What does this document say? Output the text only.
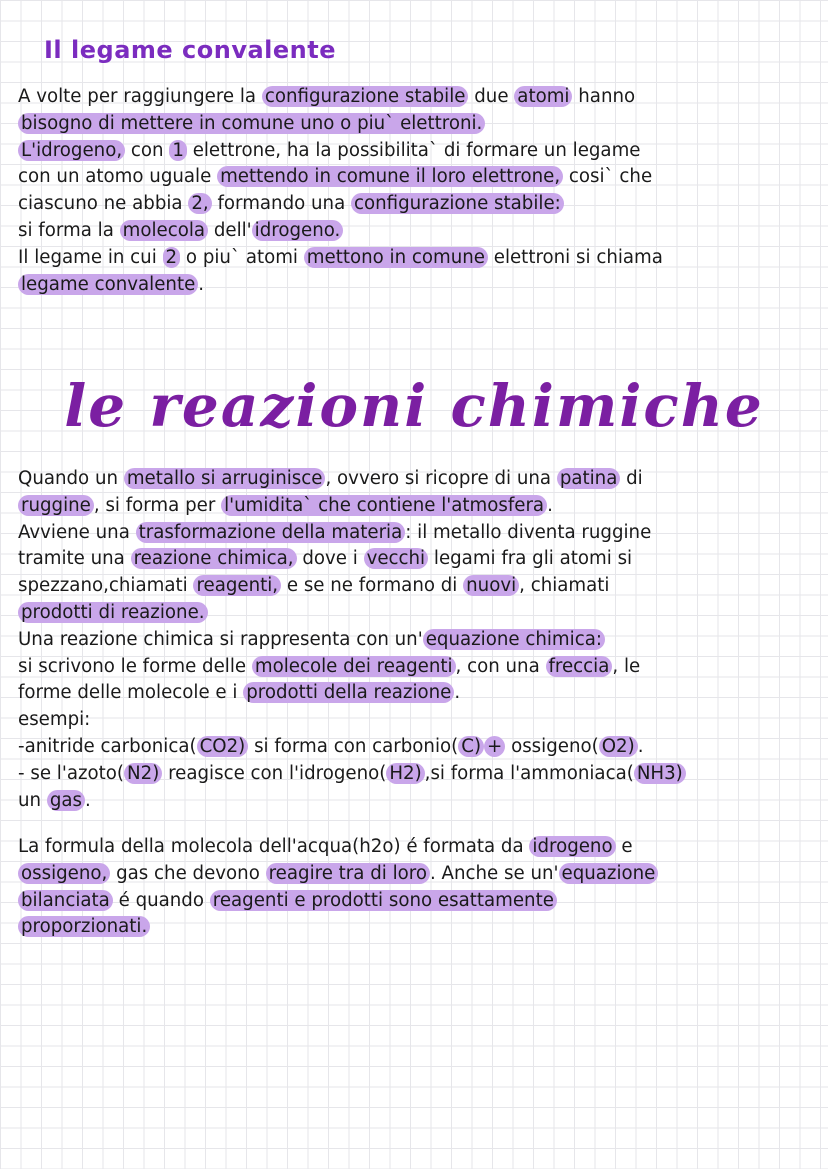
Il legame convalente
A volte per raggiungere la configurazione stabile due atomi hanno
bisogno di mettere in comune uno o piu` elettroni.
L'idrogeno, con 1 elettrone, ha la possibilita` di formare un legame
con un atomo uguale mettendo in comune il loro elettrone, cosi` che
ciascuno ne abbia 2, formando una configurazione stabile:
si forma la molecola dell' idrogeno.
Il legame in cui 2 o piu` atomi mettono in comune elettroni si chiama
legame convalente .
le reazioni chimiche
Quando un metallo si arruginisce , ovvero si ricopre di una patina di
ruggine , si forma per l'umidita` che contiene l'atmosfera .
Avviene una trasformazione della materia : il metallo diventa ruggine
tramite una reazione chimica, dove i vecchi legami fra gli atomi si
spezzano,chiamati reagenti, e se ne formano di nuovi , chiamati
prodotti di reazione.
Una reazione chimica si rappresenta con un' equazione chimica:
si scrivono le forme delle molecole dei reagenti , con una freccia , le
forme delle molecole e i prodotti della reazione .
esempi:
-anitride carbonica( CO2) si forma con carbonio( C) + ossigeno( O2) .
- se l'azoto( N2) reagisce con l'idrogeno( H2) ,si forma l'ammoniaca( NH3)
un gas .
La formula della molecola dell'acqua(h2o) é formata da idrogeno e
ossigeno, gas che devono reagire tra di loro . Anche se un' equazione
bilanciata é quando reagenti e prodotti sono esattamente
proporzionati.
